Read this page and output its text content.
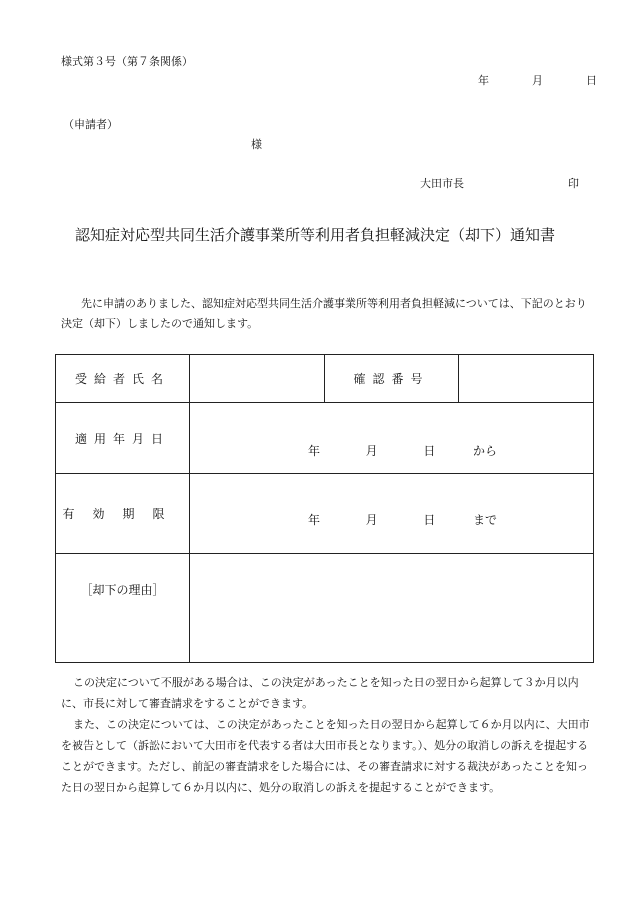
様式第３号（第７条関係）
年	月	日
（申請者）
様
大田市長	印
認知症対応型共同生活介護事業所等利用者負担軽減決定（却下）通知書
先に申請のありました、認知症対応型共同生活介護事業所等利用者負担軽減については、下記のとおり決定（却下）しましたので通知します。
受給者氏名		確認番号	
適用年月日	年 月 日 から		
有効期限	年 月 日 まで		
［却下の理由］			

この決定について不服がある場合は、この決定があったことを知った日の翌日から起算して３か月以内に、市長に対して審査請求をすることができます。

また、この決定については、この決定があったことを知った日の翌日から起算して６か月以内に、大田市を被告として（訴訟において大田市を代表する者は大田市長となります。）、処分の取消しの訴えを提起することができます。ただし、前記の審査請求をした場合には、その審査請求に対する裁決があったことを知った日の翌日から起算して６か月以内に、処分の取消しの訴えを提起することができます。
